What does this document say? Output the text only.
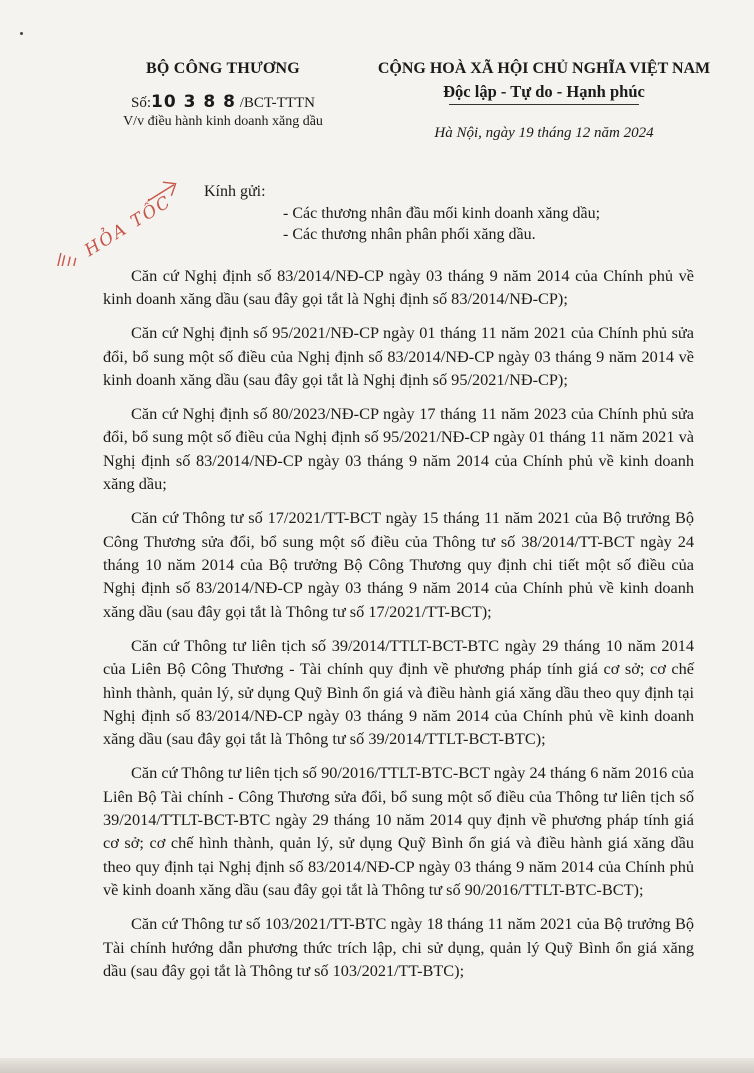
BỘ CÔNG THƯƠNG
Số:10 3 8 8 /BCT-TTTN
V/v điều hành kinh doanh xăng dầu
CỘNG HOÀ XÃ HỘI CHỦ NGHĨA VIỆT NAM
Độc lập - Tự do - Hạnh phúc
Hà Nội, ngày 19 tháng 12 năm 2024
HỎA TỐC
Kính gửi:
- Các thương nhân đầu mối kinh doanh xăng dầu;
- Các thương nhân phân phối xăng dầu.

Căn cứ Nghị định số 83/2014/NĐ-CP ngày 03 tháng 9 năm 2014 của Chính phủ về kinh doanh xăng dầu (sau đây gọi tắt là Nghị định số 83/2014/NĐ-CP);

Căn cứ Nghị định số 95/2021/NĐ-CP ngày 01 tháng 11 năm 2021 của Chính phủ sửa đổi, bổ sung một số điều của Nghị định số 83/2014/NĐ-CP ngày 03 tháng 9 năm 2014 về kinh doanh xăng dầu (sau đây gọi tắt là Nghị định số 95/2021/NĐ-CP);

Căn cứ Nghị định số 80/2023/NĐ-CP ngày 17 tháng 11 năm 2023 của Chính phủ sửa đổi, bổ sung một số điều của Nghị định số 95/2021/NĐ-CP ngày 01 tháng 11 năm 2021 và Nghị định số 83/2014/NĐ-CP ngày 03 tháng 9 năm 2014 của Chính phủ về kinh doanh xăng dầu;

Căn cứ Thông tư số 17/2021/TT-BCT ngày 15 tháng 11 năm 2021 của Bộ trưởng Bộ Công Thương sửa đổi, bổ sung một số điều của Thông tư số 38/2014/TT-BCT ngày 24 tháng 10 năm 2014 của Bộ trưởng Bộ Công Thương quy định chi tiết một số điều của Nghị định số 83/2014/NĐ-CP ngày 03 tháng 9 năm 2014 của Chính phủ về kinh doanh xăng dầu (sau đây gọi tắt là Thông tư số 17/2021/TT-BCT);

Căn cứ Thông tư liên tịch số 39/2014/TTLT-BCT-BTC ngày 29 tháng 10 năm 2014 của Liên Bộ Công Thương - Tài chính quy định về phương pháp tính giá cơ sở; cơ chế hình thành, quản lý, sử dụng Quỹ Bình ổn giá và điều hành giá xăng dầu theo quy định tại Nghị định số 83/2014/NĐ-CP ngày 03 tháng 9 năm 2014 của Chính phủ về kinh doanh xăng dầu (sau đây gọi tắt là Thông tư số 39/2014/TTLT-BCT-BTC);

Căn cứ Thông tư liên tịch số 90/2016/TTLT-BTC-BCT ngày 24 tháng 6 năm 2016 của Liên Bộ Tài chính - Công Thương sửa đổi, bổ sung một số điều của Thông tư liên tịch số 39/2014/TTLT-BCT-BTC ngày 29 tháng 10 năm 2014 quy định về phương pháp tính giá cơ sở; cơ chế hình thành, quản lý, sử dụng Quỹ Bình ổn giá và điều hành giá xăng dầu theo quy định tại Nghị định số 83/2014/NĐ-CP ngày 03 tháng 9 năm 2014 của Chính phủ về kinh doanh xăng dầu (sau đây gọi tắt là Thông tư số 90/2016/TTLT-BTC-BCT);

Căn cứ Thông tư số 103/2021/TT-BTC ngày 18 tháng 11 năm 2021 của Bộ trưởng Bộ Tài chính hướng dẫn phương thức trích lập, chi sử dụng, quản lý Quỹ Bình ổn giá xăng dầu (sau đây gọi tắt là Thông tư số 103/2021/TT-BTC);
